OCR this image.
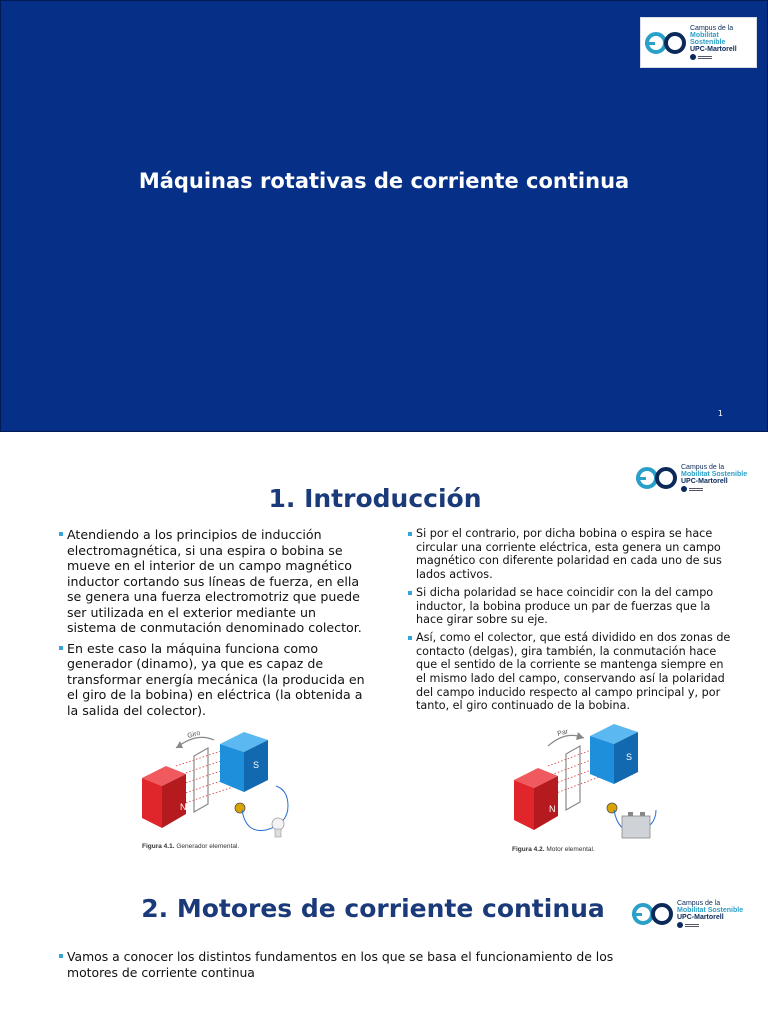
Campus de la
Mobilitat Sostenible
UPC-Martorell
Máquinas rotativas de corriente continua
1
Campus de la
Mobilitat Sostenible
UPC-Martorell
1. Introducción
Atendiendo a los principios de inducción electromagnética, si una espira o bobina se mueve en el interior de un campo magnético inductor cortando sus líneas de fuerza, en ella se genera una fuerza electromotriz que puede ser utilizada en el exterior mediante un sistema de conmutación denominado colector.
En este caso la máquina funciona como generador (dinamo), ya que es capaz de transformar energía mecánica (la producida en el giro de la bobina) en eléctrica (la obtenida a la salida del colector).
Si por el contrario, por dicha bobina o espira se hace circular una corriente eléctrica, esta genera un campo magnético con diferente polaridad en cada uno de sus lados activos.
Si dicha polaridad se hace coincidir con la del campo inductor, la bobina produce un par de fuerzas que la hace girar sobre su eje.
Así, como el colector, que está dividido en dos zonas de contacto (delgas), gira también, la conmutación hace que el sentido de la corriente se mantenga siempre en el mismo lado del campo, conservando así la polaridad del campo inducido respecto al campo principal y, por tanto, el giro continuado de la bobina.
N
S
Giro
Figura 4.1. Generador elemental.
N
S
Par
Figura 4.2. Motor elemental.
2. Motores de corriente continua	Campus de la
Mobilitat Sostenible
UPC-Martorell
Vamos a conocer los distintos fundamentos en los que se basa el funcionamiento de los motores de corriente continua
